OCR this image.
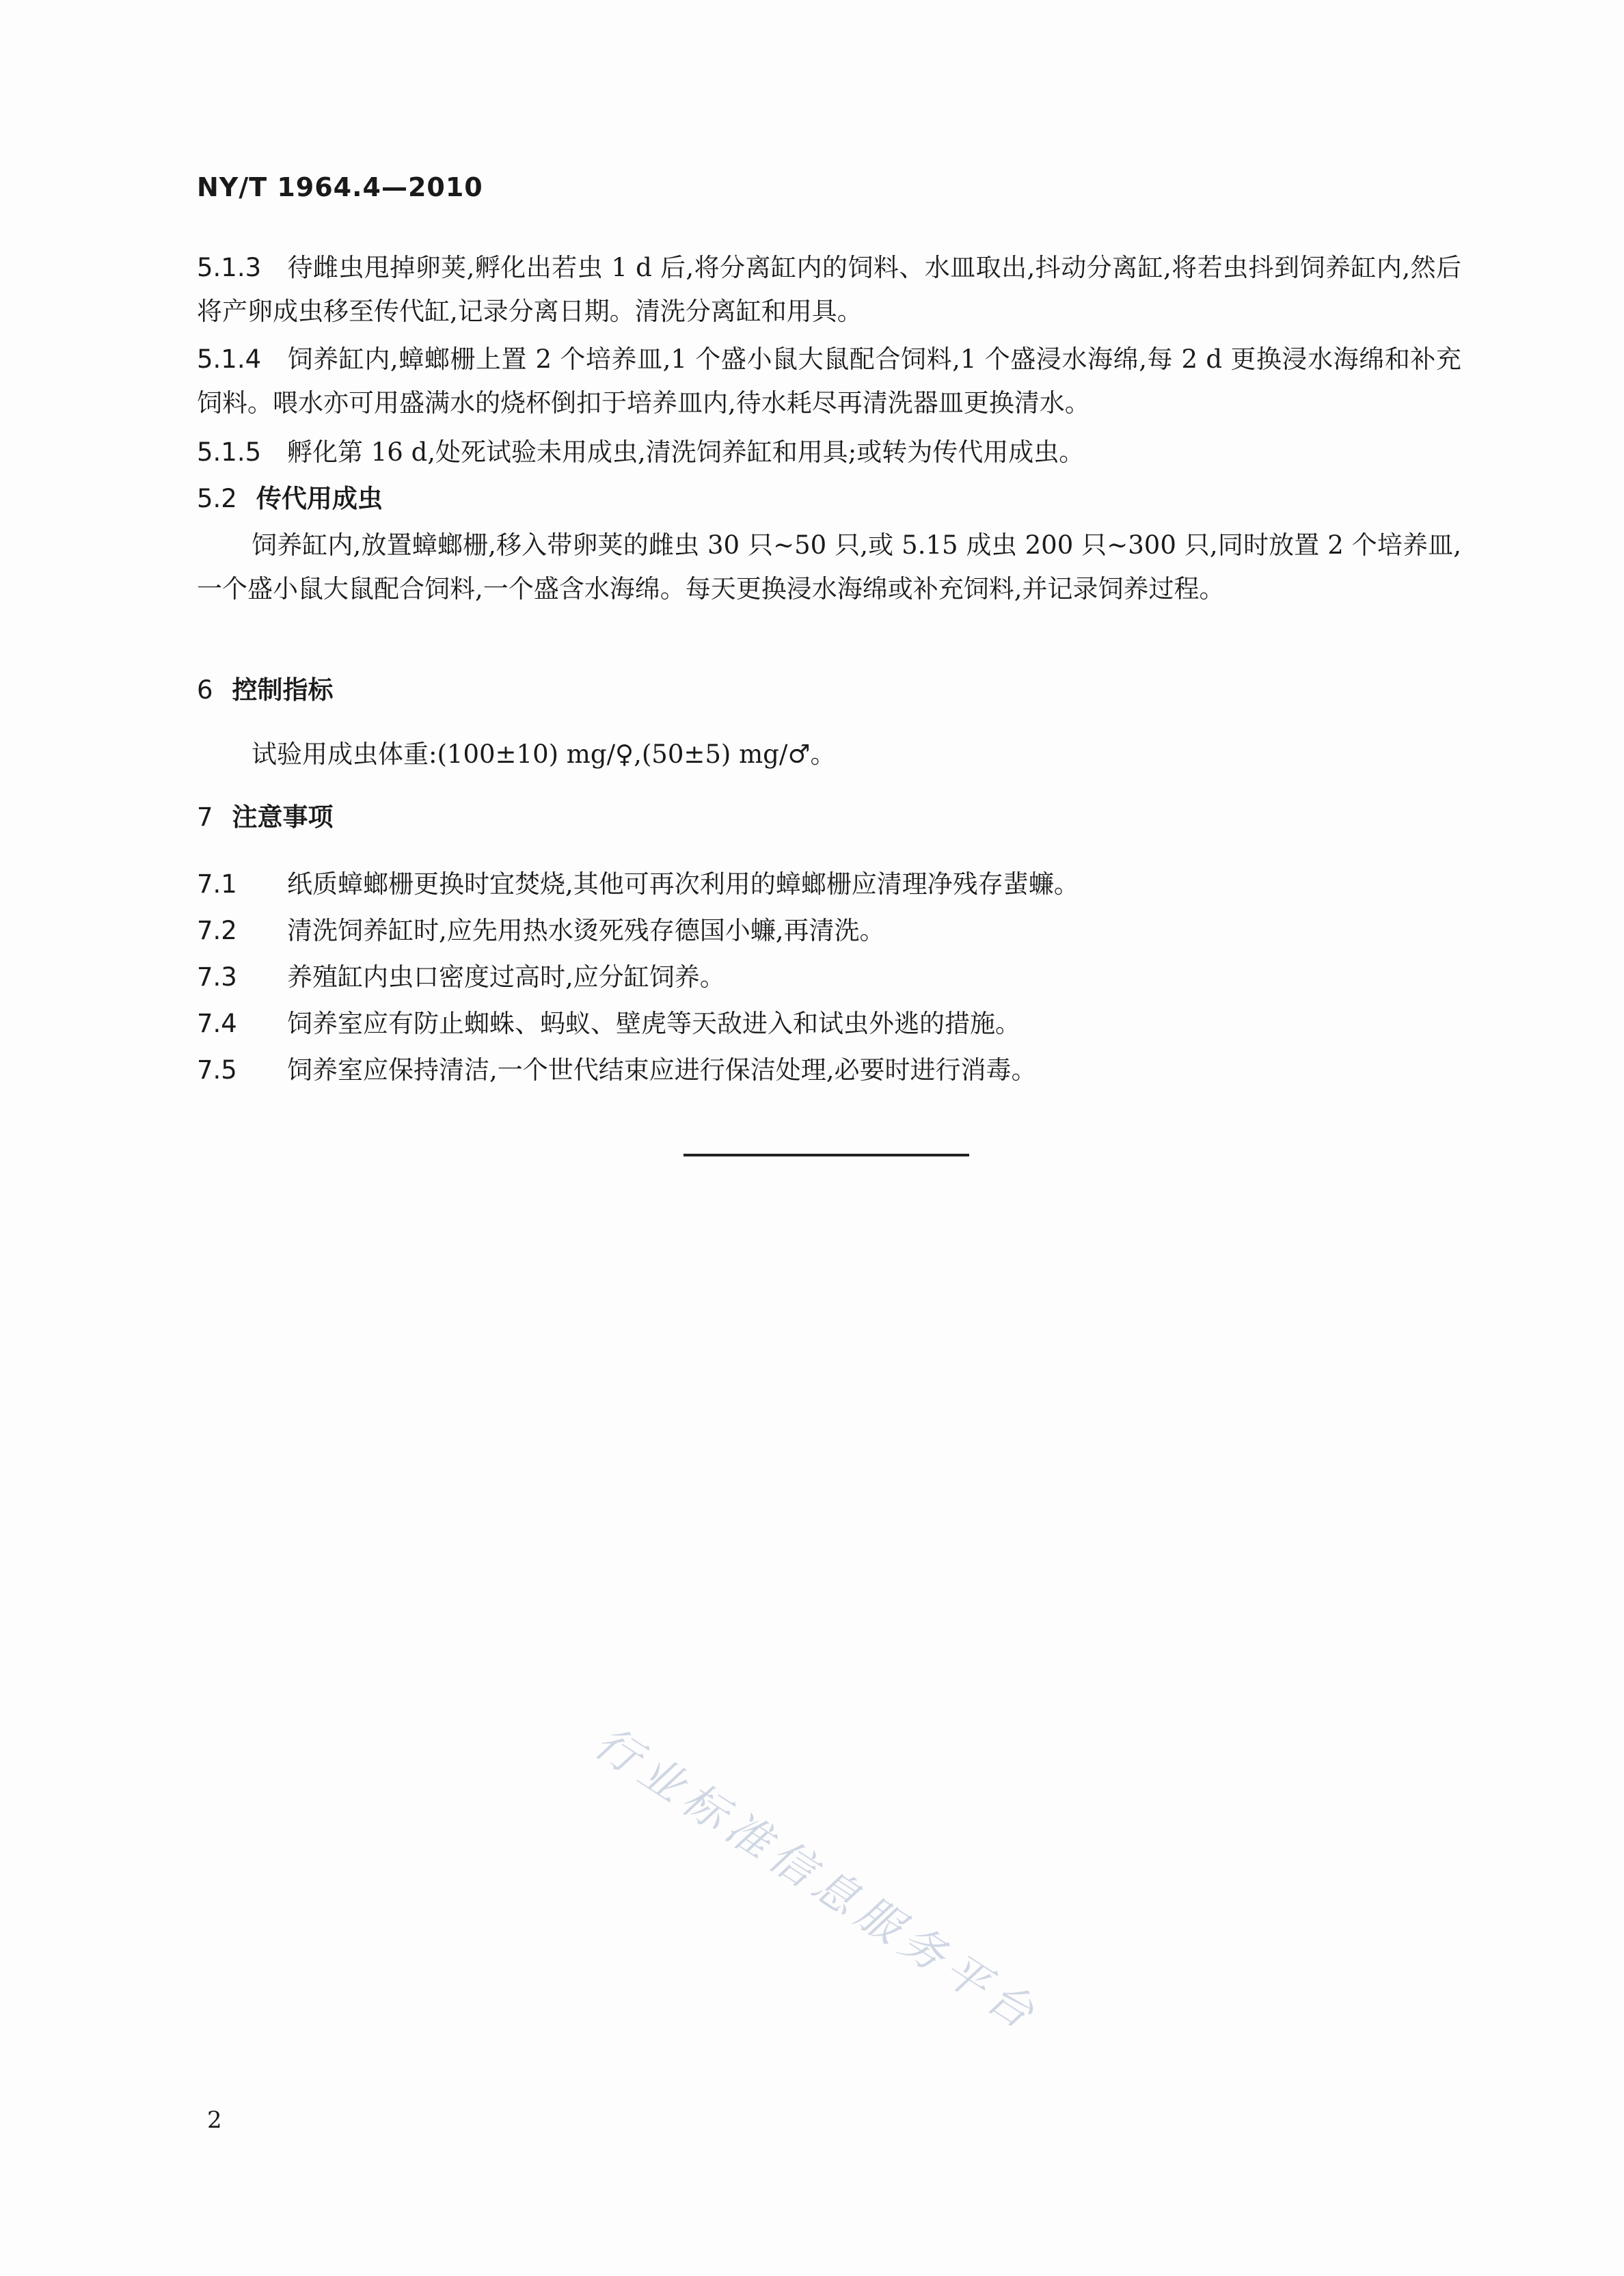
NY/T 1964.4—2010
5.1.3 待雌虫甩掉卵荚,孵化出若虫 1 d 后,将分离缸内的饲料、水皿取出,抖动分离缸,将若虫抖到饲养缸内,然后将产卵成虫移至传代缸,记录分离日期。清洗分离缸和用具。
5.1.4 饲养缸内,蟑螂栅上置 2 个培养皿,1 个盛小鼠大鼠配合饲料,1 个盛浸水海绵,每 2 d 更换浸水海绵和补充饲料。喂水亦可用盛满水的烧杯倒扣于培养皿内,待水耗尽再清洗器皿更换清水。
5.1.5 孵化第 16 d,处死试验未用成虫,清洗饲养缸和用具;或转为传代用成虫。
5.2 传代用成虫
饲养缸内,放置蟑螂栅,移入带卵荚的雌虫 30 只~50 只,或 5.15 成虫 200 只~300 只,同时放置 2 个培养皿,一个盛小鼠大鼠配合饲料,一个盛含水海绵。每天更换浸水海绵或补充饲料,并记录饲养过程。
6 控制指标
试验用成虫体重:(100±10) mg/♀,(50±5) mg/♂。
7 注意事项
7.1 纸质蟑螂栅更换时宜焚烧,其他可再次利用的蟑螂栅应清理净残存蜚蠊。
7.2 清洗饲养缸时,应先用热水烫死残存德国小蠊,再清洗。
7.3 养殖缸内虫口密度过高时,应分缸饲养。
7.4 饲养室应有防止蜘蛛、蚂蚁、壁虎等天敌进入和试虫外逃的措施。
7.5 饲养室应保持清洁,一个世代结束应进行保洁处理,必要时进行消毒。
行业标准信息服务平台
2
